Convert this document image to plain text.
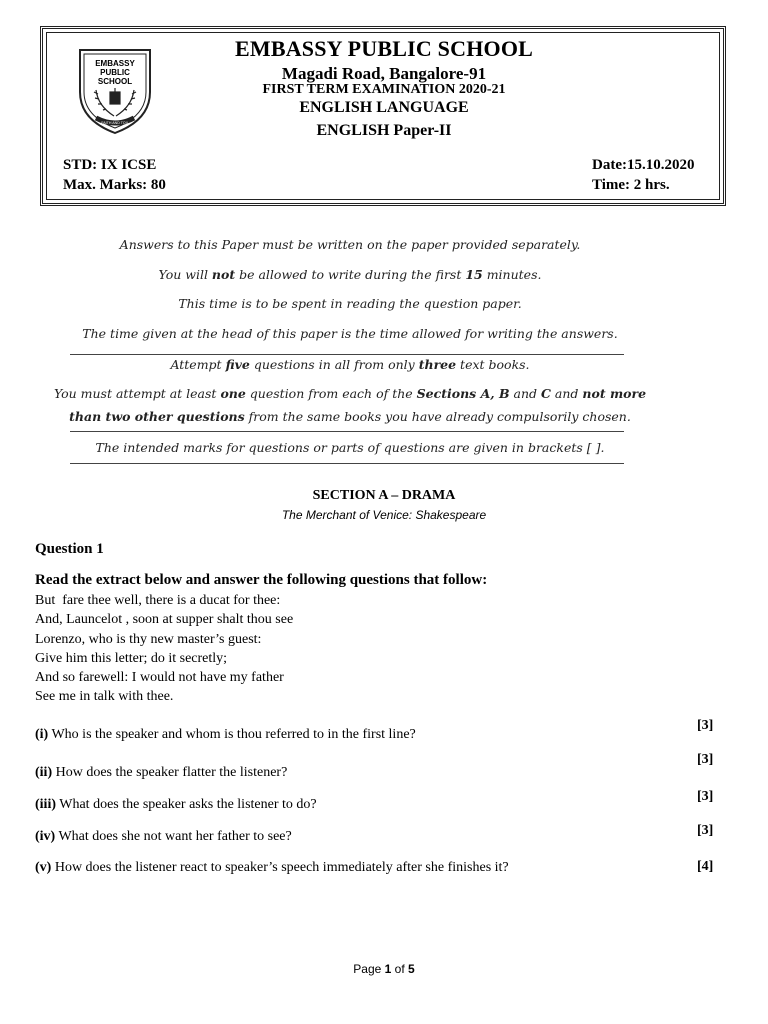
EMBASSY
PUBLIC
SCHOOL
FAITH AND TOIL
EMBASSY PUBLIC SCHOOL
Magadi Road, Bangalore-91
FIRST TERM EXAMINATION 2020-21
ENGLISH LANGUAGE
ENGLISH Paper-II
STD: IX ICSE
Max. Marks: 80
Date:15.10.2020
Time: 2 hrs.
Answers to this Paper must be written on the paper provided separately.
You will not be allowed to write during the first 15 minutes.
This time is to be spent in reading the question paper.
The time given at the head of this paper is the time allowed for writing the answers.
Attempt five questions in all from only three text books.
You must attempt at least one question from each of the Sections A, B and C and not more
than two other questions from the same books you have already compulsorily chosen.
The intended marks for questions or parts of questions are given in brackets [ ].
SECTION A – DRAMA
The Merchant of Venice: Shakespeare
Question 1
Read the extract below and answer the following questions that follow:
But  fare thee well, there is a ducat for thee:
And, Launcelot , soon at supper shalt thou see
Lorenzo, who is thy new master’s guest:
Give him this letter; do it secretly;
And so farewell: I would not have my father
See me in talk with thee.
(i) Who is the speaker and whom is thou referred to in the first line?
[3]
(ii) How does the speaker flatter the listener?
[3]
(iii) What does the speaker asks the listener to do?
[3]
(iv) What does she not want her father to see?	[3]
(v) How does the listener react to speaker’s speech immediately after she finishes it?	[4]
Page 1 of 5
